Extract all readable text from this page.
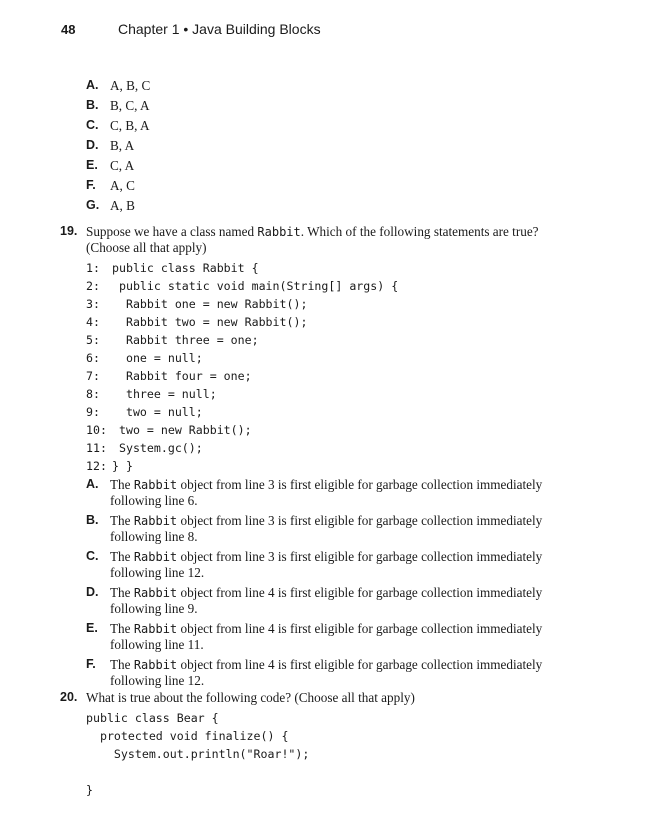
48	Chapter 1 • Java Building Blocks
A. A, B, C
B. B, C, A
C. C, B, A
D. B, A
E. C, A
F.	A, C
G. A, B
19. Suppose we have a class named Rabbit. Which of the following statements are true? (Choose all that apply)
1:	public class Rabbit {
2:	public static void main(String[] args) {
3:	Rabbit one = new Rabbit();
4:	Rabbit two = new Rabbit();
5:	Rabbit three = one;
6:	one = null;
7:	Rabbit four = one;
8:	three = null;
9:	two = null;
10: two = new Rabbit();
11: System.gc();
12: } }
A. The Rabbit object from line 3 is first eligible for garbage collection immediately following line 6.
B. The Rabbit object from line 3 is first eligible for garbage collection immediately following line 8.
C. The Rabbit object from line 3 is first eligible for garbage collection immediately following line 12.
D. The Rabbit object from line 4 is first eligible for garbage collection immediately following line 9.
E. The Rabbit object from line 4 is first eligible for garbage collection immediately following line 11.
F.	The Rabbit object from line 4 is first eligible for garbage collection immediately following line 12.
20. What is true about the following code? (Choose all that apply)
public class Bear {
protected void finalize() {
System.out.println("Roar!");
}
